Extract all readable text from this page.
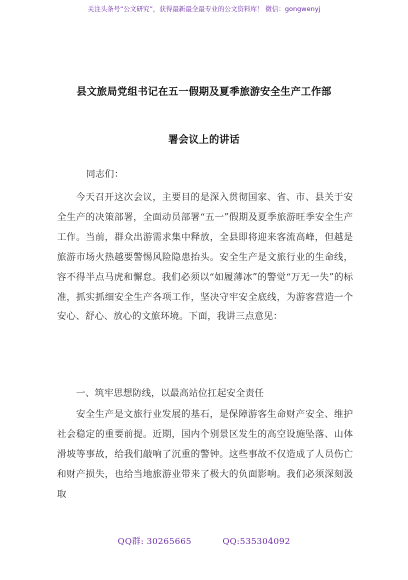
关注头条号“公文研究”，获得最新最全最专业的公文资料库！ 微信：gongwenyj
县文旅局党组书记在五一假期及夏季旅游安全生产工作部
署会议上的讲话
同志们：
今天召开这次会议，主要目的是深入贯彻国家、省、市、县关于安全生产的决策部署，全面动员部署“五一”假期及夏季旅游旺季安全生产工作。当前，群众出游需求集中释放，全县即将迎来客流高峰，但越是旅游市场火热越要警惕风险隐患抬头。安全生产是文旅行业的生命线，容不得半点马虎和懈怠。我们必须以“如履薄冰”的警觉“万无一失”的标准，抓实抓细安全生产各项工作，坚决守牢安全底线，为游客营造一个安心、舒心、放心的文旅环境。下面，我讲三点意见：
一、筑牢思想防线，以最高站位扛起安全责任
安全生产是文旅行业发展的基石，是保障游客生命财产安全、维护社会稳定的重要前提。近期，国内个别景区发生的高空设施坠落、山体滑坡等事故，给我们敲响了沉重的警钟。这些事故不仅造成了人员伤亡和财产损失，也给当地旅游业带来了极大的负面影响。我们必须深刻汲取
QQ群: 30265665	QQ:535304092
